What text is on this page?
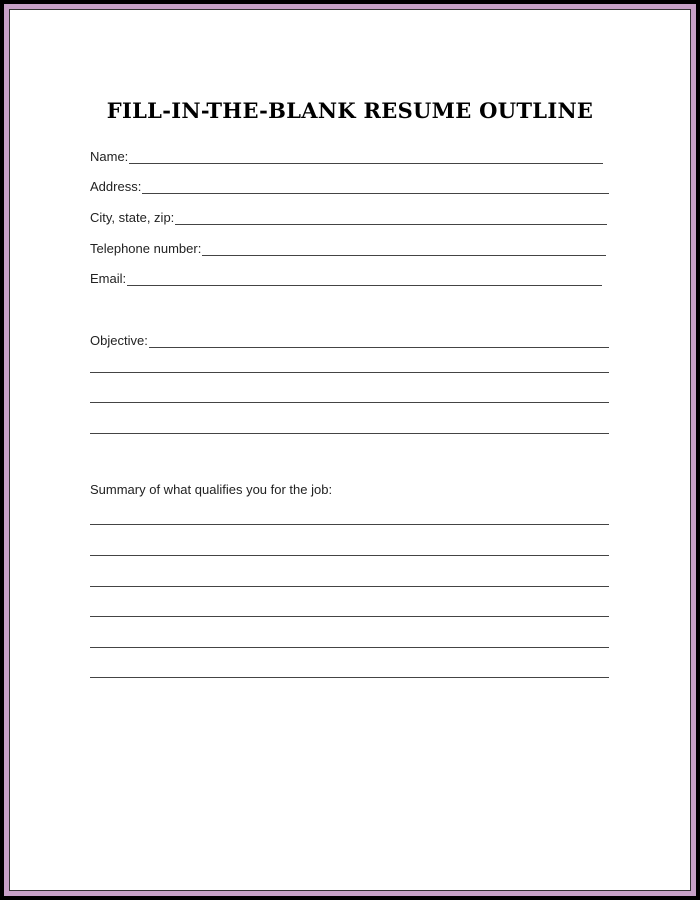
FILL-IN-THE-BLANK RESUME OUTLINE
Name:
Address:
City, state, zip:
Telephone number:
Email:
Objective:
Summary of what qualifies you for the job:
